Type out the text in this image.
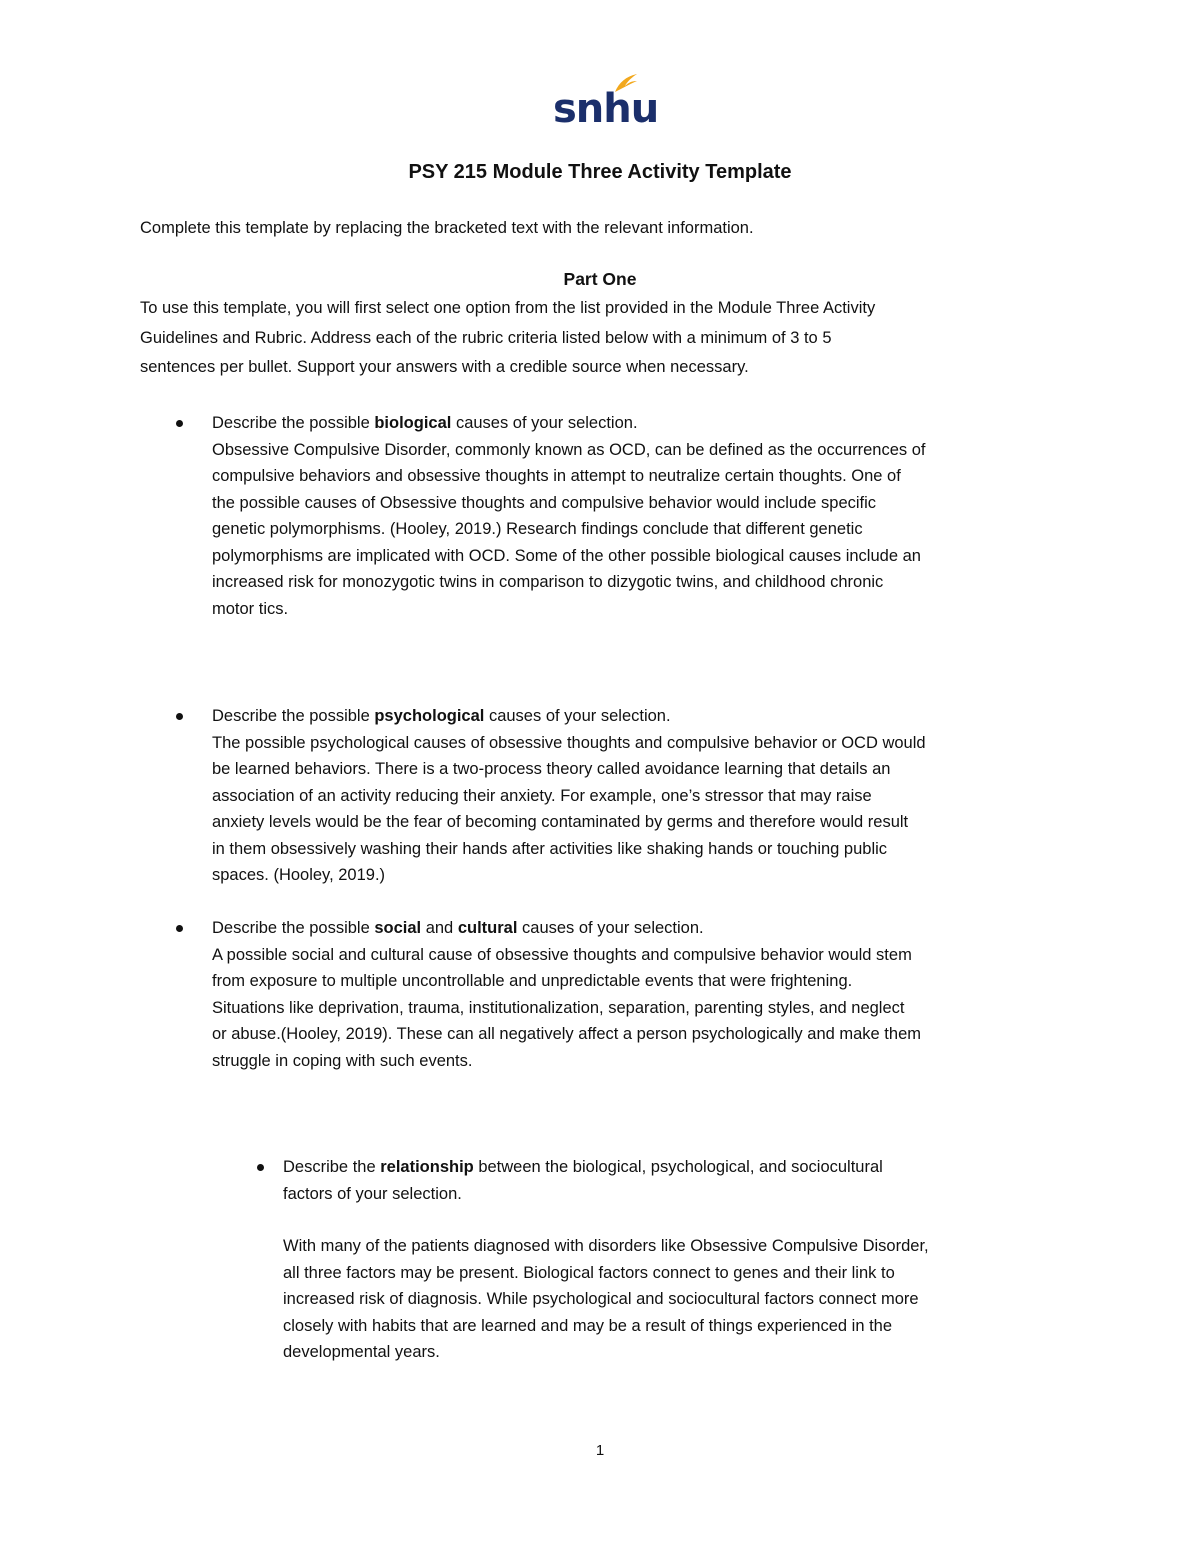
snhu
PSY 215 Module Three Activity Template
Complete this template by replacing the bracketed text with the relevant information.
Part One
To use this template, you will first select one option from the list provided in the Module Three Activity
Guidelines and Rubric. Address each of the rubric criteria listed below with a minimum of 3 to 5
sentences per bullet. Support your answers with a credible source when necessary.
Describe the possible biological causes of your selection.
Obsessive Compulsive Disorder, commonly known as OCD, can be defined as the occurrences of
compulsive behaviors and obsessive thoughts in attempt to neutralize certain thoughts. One of
the possible causes of Obsessive thoughts and compulsive behavior would include specific
genetic polymorphisms. (Hooley, 2019.) Research findings conclude that different genetic
polymorphisms are implicated with OCD. Some of the other possible biological causes include an
increased risk for monozygotic twins in comparison to dizygotic twins, and childhood chronic
motor tics.
Describe the possible psychological causes of your selection.
The possible psychological causes of obsessive thoughts and compulsive behavior or OCD would
be learned behaviors. There is a two-process theory called avoidance learning that details an
association of an activity reducing their anxiety. For example, one’s stressor that may raise
anxiety levels would be the fear of becoming contaminated by germs and therefore would result
in them obsessively washing their hands after activities like shaking hands or touching public
spaces. (Hooley, 2019.)
Describe the possible social and cultural causes of your selection.
A possible social and cultural cause of obsessive thoughts and compulsive behavior would stem
from exposure to multiple uncontrollable and unpredictable events that were frightening.
Situations like deprivation, trauma, institutionalization, separation, parenting styles, and neglect
or abuse.(Hooley, 2019). These can all negatively affect a person psychologically and make them
struggle in coping with such events.
Describe the relationship between the biological, psychological, and sociocultural
factors of your selection.
With many of the patients diagnosed with disorders like Obsessive Compulsive Disorder,
all three factors may be present. Biological factors connect to genes and their link to
increased risk of diagnosis. While psychological and sociocultural factors connect more
closely with habits that are learned and may be a result of things experienced in the
developmental years.
1
